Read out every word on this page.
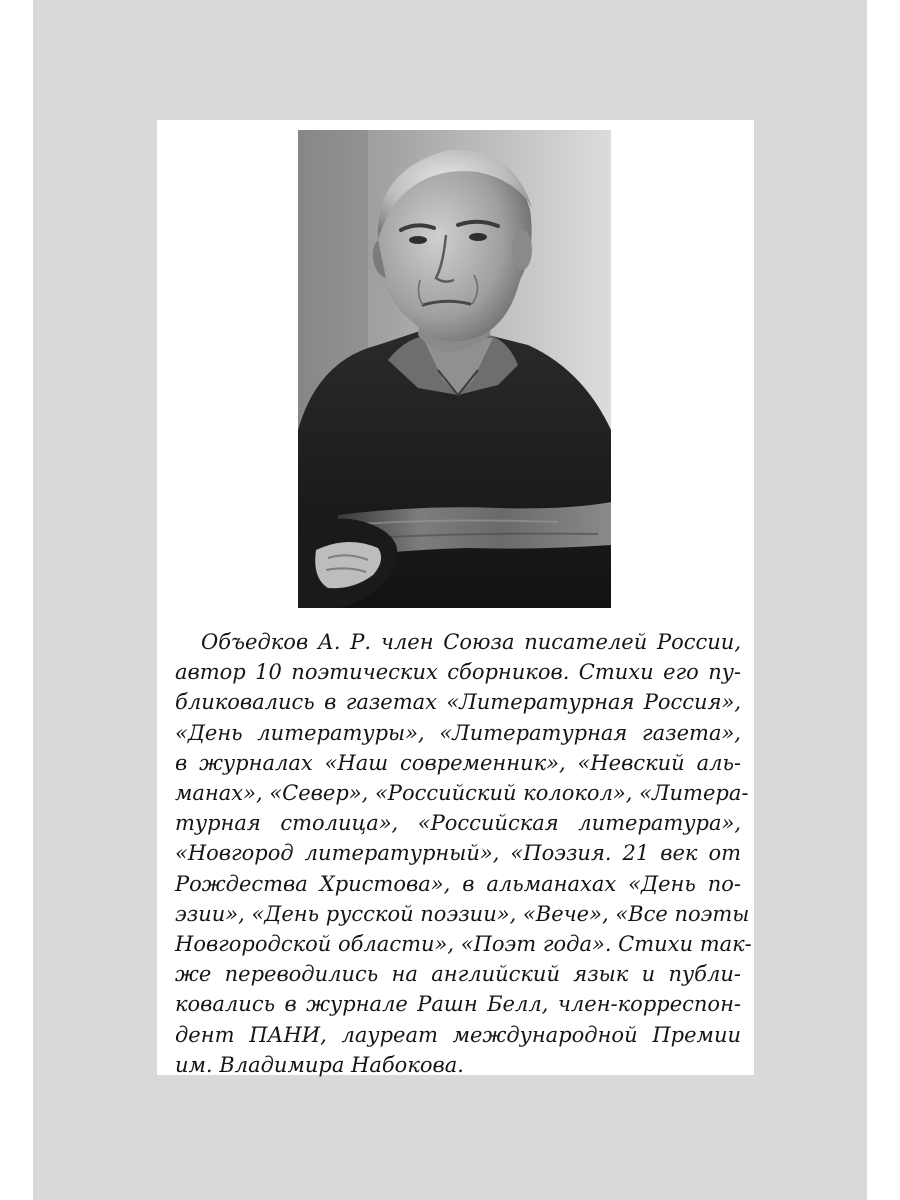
Объедков А. Р. член Союза писателей России,
автор 10 поэтических сборников. Стихи его пу-
бликовались в газетах «Литературная Россия»,
«День литературы», «Литературная газета»,
в журналах «Наш современник», «Невский аль-
манах», «Север», «Российский колокол», «Литера-
турная столица», «Российская литература»,
«Новгород литературный», «Поэзия. 21 век от
Рождества Христова», в альманахах «День по-
эзии», «День русской поэзии», «Вече», «Все поэты
Новгородской области», «Поэт года». Стихи так-
же переводились на английский язык и публи-
ковались в журнале Рашн Белл, член-корреспон-
дент ПАНИ, лауреат международной Премии
им. Владимира Набокова.
